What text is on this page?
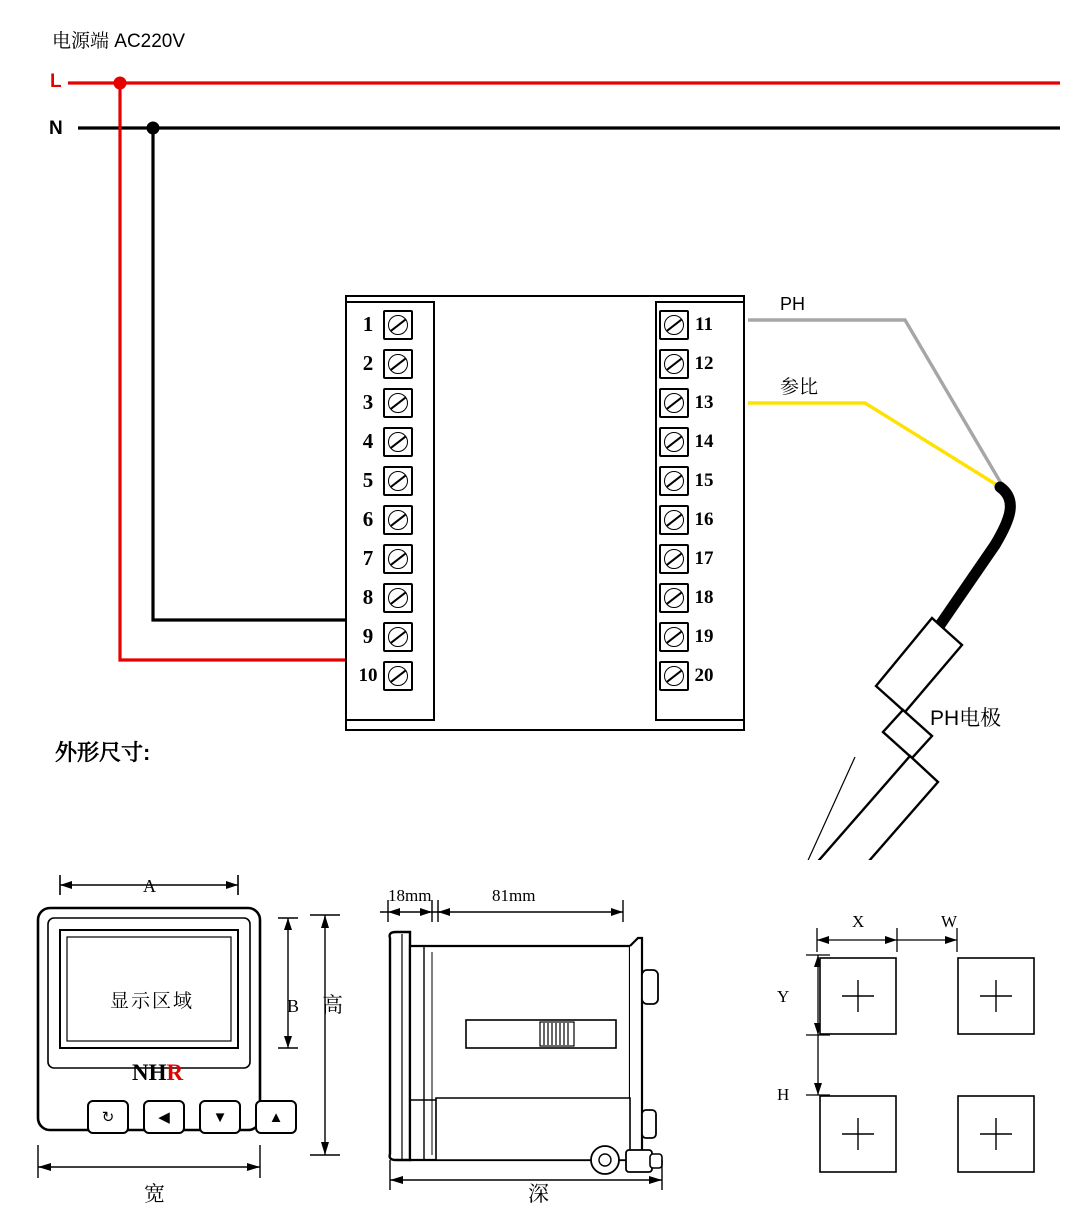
电源端 AC220V
L
N
PH
参比
PH电极
1
2
3
4
5
6
7
8
9
10
11
12
13
14
15
16
17
18
19
20
外形尺寸:
A
B 高
宽
显示区域
NHR
↻	◀	▼	▲
18mm	81mm
深
X	W
Y
H
